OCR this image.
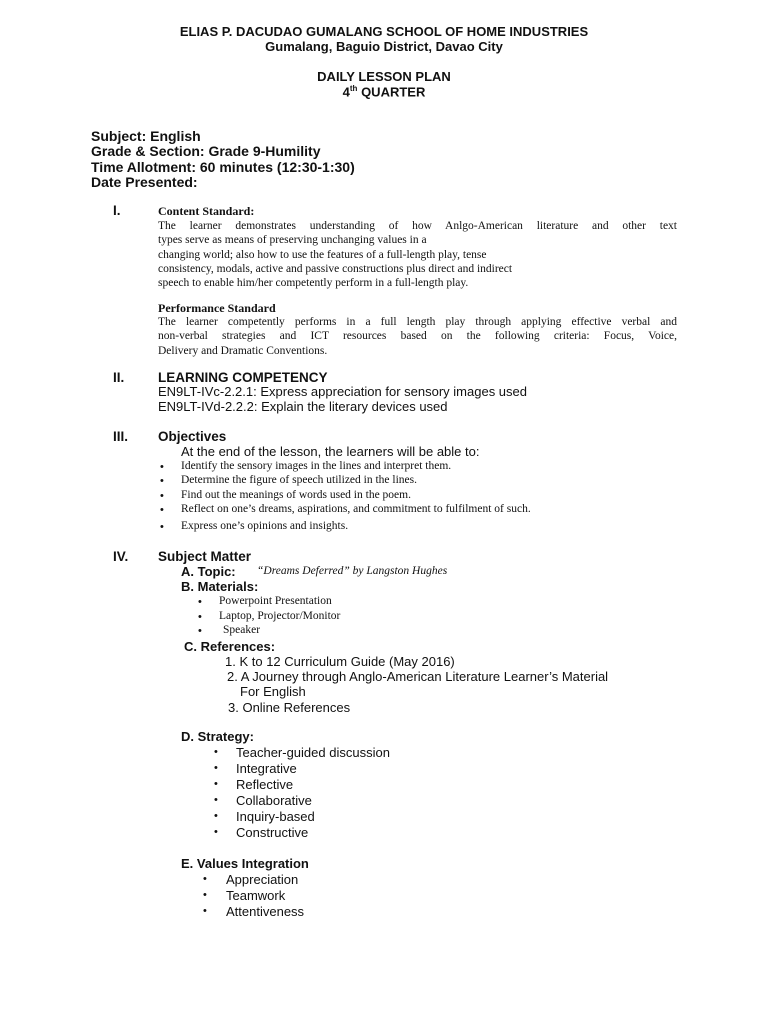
ELIAS P. DACUDAO GUMALANG SCHOOL OF HOME INDUSTRIES
Gumalang, Baguio District, Davao City
DAILY LESSON PLAN
4th QUARTER
Subject: English
Grade & Section: Grade 9-Humility
Time Allotment: 60 minutes (12:30-1:30)
Date Presented:
I.	Content Standard:
The learner demonstrates understanding of how Anlgo-American literature and other text
types serve as means of preserving unchanging values in a
changing world; also how to use the features of a full-length play, tense
consistency, modals, active and passive constructions plus direct and indirect
speech to enable him/her competently perform in a full-length play.
Performance Standard
The learner competently performs in a full length play through applying effective verbal and
non-verbal strategies and ICT resources based on the following criteria: Focus, Voice,
Delivery and Dramatic Conventions.
II. LEARNING COMPETENCY
EN9LT-IVc-2.2.1: Express appreciation for sensory images used
EN9LT-IVd-2.2.2: Explain the literary devices used
III. Objectives
At the end of the lesson, the learners will be able to:
• Identify the sensory images in the lines and interpret them.
• Determine the figure of speech utilized in the lines.
• Find out the meanings of words used in the poem.
• Reflect on one’s dreams, aspirations, and commitment to fulfilment of such.
• Express one’s opinions and insights.
IV. Subject Matter
A. Topic: “Dreams Deferred” by Langston Hughes
B. Materials:
• Powerpoint Presentation
• Laptop, Projector/Monitor
• Speaker
C. References:
1. K to 12 Curriculum Guide (May 2016)
2. A Journey through Anglo-American Literature Learner’s Material
For English
3. Online References
D. Strategy:
• Teacher-guided discussion
• Integrative
• Reflective
• Collaborative
• Inquiry-based
• Constructive
E. Values Integration
• Appreciation
• Teamwork
• Attentiveness
